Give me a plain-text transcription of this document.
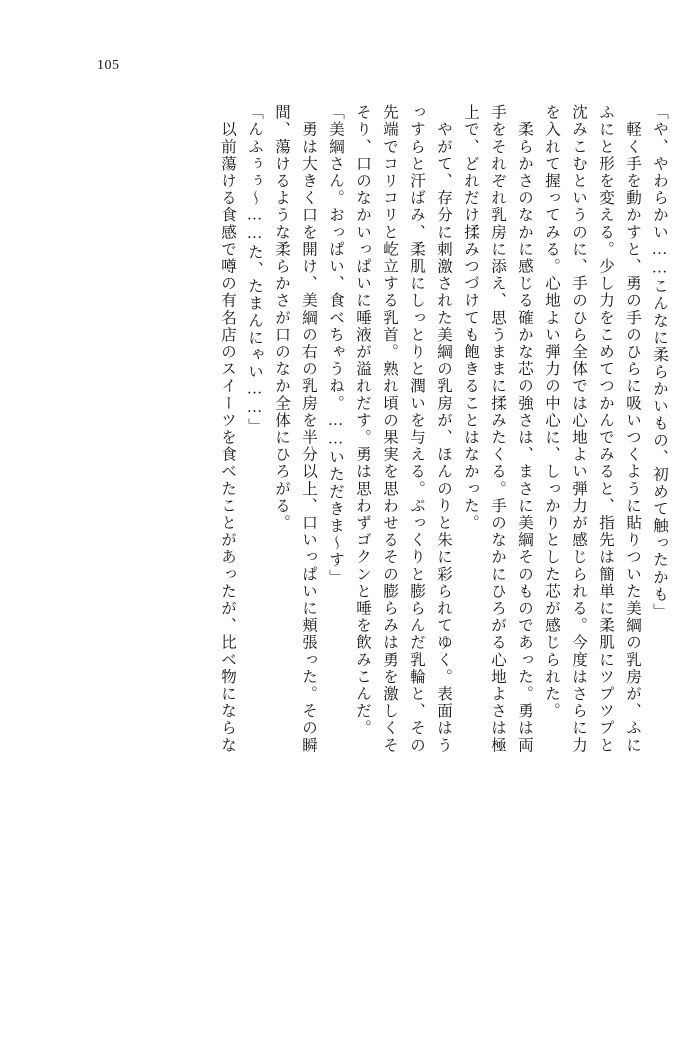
105
「や、やわらかい……こんなに柔らかいもの、初めて触ったかも」
　軽く手を動かすと、勇の手のひらに吸いつくように貼りついた美綱の乳房が、ふに
ふにと形を変える。少し力をこめてつかんでみると、指先は簡単に柔肌にツプツプと
沈みこむというのに、手のひら全体では心地よい弾力が感じられる。今度はさらに力
を入れて握ってみる。心地よい弾力の中心に、しっかりとした芯が感じられた。
　柔らかさのなかに感じる確かな芯の強さは、まさに美綱そのものであった。勇は両
手をそれぞれ乳房に添え、思うままに揉みたくる。手のなかにひろがる心地よさは極
上で、どれだけ揉みつづけても飽きることはなかった。
　やがて、存分に刺激された美綱の乳房が、ほんのりと朱に彩られてゆく。表面はう
っすらと汗ばみ、柔肌にしっとりと潤いを与える。ぷっくりと膨らんだ乳輪と、その
先端でコリコリと屹立する乳首。熟れ頃の果実を思わせるその膨らみは勇を激しくそ
そり、口のなかいっぱいに唾液が溢れだす。勇は思わずゴクンと唾を飲みこんだ。
「美綱さん。おっぱい、食べちゃうね。……いただきま～す」
　勇は大きく口を開け、美綱の右の乳房を半分以上、口いっぱいに頬張った。その瞬
間、蕩けるような柔らかさが口のなか全体にひろがる。
「んふぅぅ～……た、たまんにゃい……」
　以前蕩ける食感で噂の有名店のスイーツを食べたことがあったが、比べ物にならな
